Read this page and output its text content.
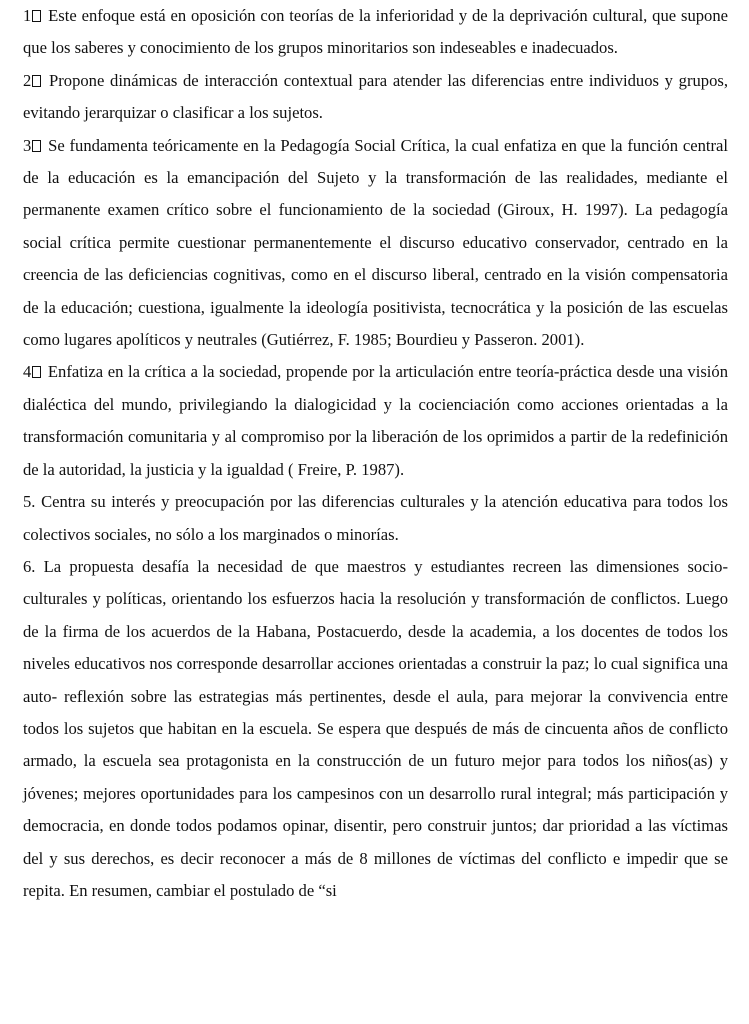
1 Este enfoque está en oposición con teorías de la inferioridad y de la deprivación cultural, que supone que los saberes y conocimiento de los grupos minoritarios son indeseables e inadecuados.

2 Propone dinámicas de interacción contextual para atender las diferencias entre individuos y grupos, evitando jerarquizar o clasificar a los sujetos.

3 Se fundamenta teóricamente en la Pedagogía Social Crítica, la cual enfatiza en que la función central de la educación es la emancipación del Sujeto y la transformación de las realidades, mediante el permanente examen crítico sobre el funcionamiento de la sociedad (Giroux, H. 1997). La pedagogía social crítica permite cuestionar permanentemente el discurso educativo conservador, centrado en la creencia de las deficiencias cognitivas, como en el discurso liberal, centrado en la visión compensatoria de la educación; cuestiona, igualmente la ideología positivista, tecnocrática y la posición de las escuelas como lugares apolíticos y neutrales (Gutiérrez, F. 1985; Bourdieu y Passeron. 2001).

4 Enfatiza en la crítica a la sociedad, propende por la articulación entre teoría-práctica desde una visión dialéctica del mundo, privilegiando la dialogicidad y la cocienciación como acciones orientadas a la transformación comunitaria y al compromiso por la liberación de los oprimidos a partir de la redefinición de la autoridad, la justicia y la igualdad ( Freire, P. 1987).

5. Centra su interés y preocupación por las diferencias culturales y la atención educativa para todos los colectivos sociales, no sólo a los marginados o minorías.

6. La propuesta desafía la necesidad de que maestros y estudiantes recreen las dimensiones socio-culturales y políticas, orientando los esfuerzos hacia la resolución y transformación de conflictos. Luego de la firma de los acuerdos de la Habana, Postacuerdo, desde la academia, a los docentes de todos los niveles educativos nos corresponde desarrollar acciones orientadas a construir la paz; lo cual significa una auto- reflexión sobre las estrategias más pertinentes, desde el aula, para mejorar la convivencia entre todos los sujetos que habitan en la escuela. Se espera que después de más de cincuenta años de conflicto armado, la escuela sea protagonista en la construcción de un futuro mejor para todos los niños(as) y jóvenes; mejores oportunidades para los campesinos con un desarrollo rural integral; más participación y democracia, en donde todos podamos opinar, disentir, pero construir juntos; dar prioridad a las víctimas del y sus derechos, es decir reconocer a más de 8 millones de víctimas del conflicto e impedir que se repita. En resumen, cambiar el postulado de “si
